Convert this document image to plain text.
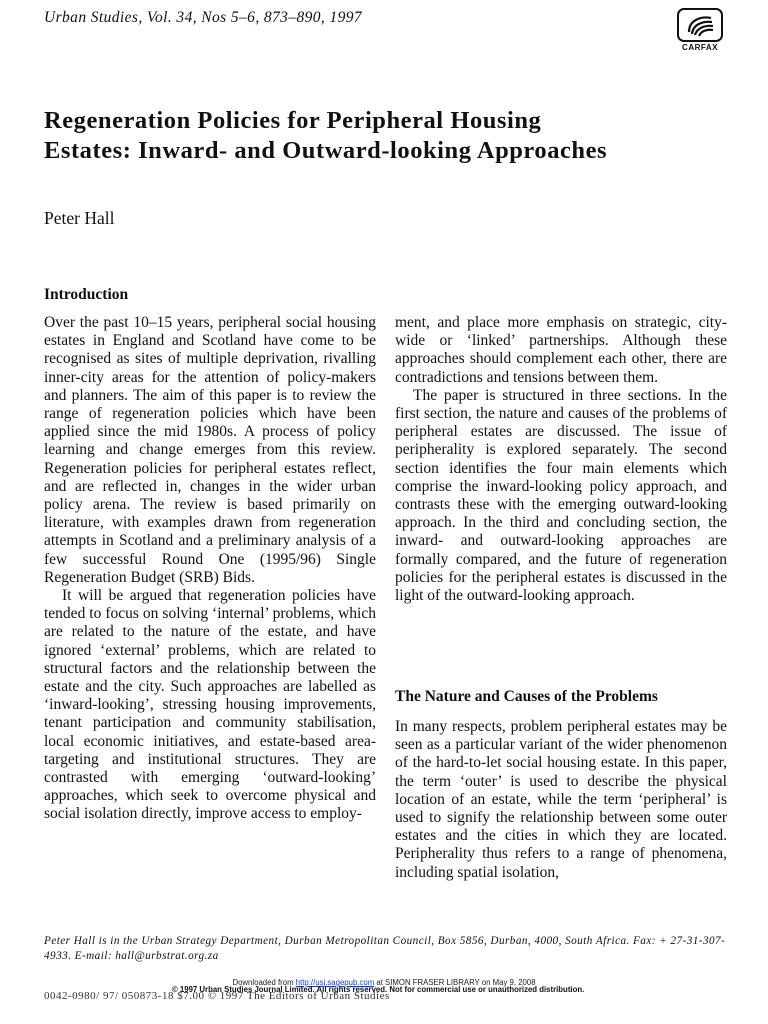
Urban Studies, Vol. 34, Nos 5–6, 873–890, 1997
CARFAX
Regeneration Policies for Peripheral Housing
Estates: Inward- and Outward-looking Approaches
Peter Hall
Introduction

Over the past 10–15 years, peripheral social housing estates in England and Scotland have come to be recognised as sites of multiple deprivation, rivalling inner-city areas for the attention of policy-makers and planners. The aim of this paper is to review the range of regeneration policies which have been applied since the mid 1980s. A process of policy learning and change emerges from this review. Regeneration policies for peripheral estates reflect, and are reflected in, changes in the wider urban policy arena. The review is based primarily on literature, with examples drawn from regeneration attempts in Scotland and a preliminary analysis of a few successful Round One (1995/96) Single Regeneration Budget (SRB) Bids.

It will be argued that regeneration policies have tended to focus on solving ‘internal’ problems, which are related to the nature of the estate, and have ignored ‘external’ problems, which are related to structural factors and the relationship between the estate and the city. Such approaches are labelled as ‘inward-looking’, stressing housing improvements, tenant participation and community stabilisation, local economic initiatives, and estate-based area-targeting and institutional structures. They are contrasted with emerging ‘outward-looking’ approaches, which seek to overcome physical and social isolation directly, improve access to employ-

ment, and place more emphasis on strategic, city-wide or ‘linked’ partnerships. Although these approaches should complement each other, there are contradictions and tensions between them.

The paper is structured in three sections. In the first section, the nature and causes of the problems of peripheral estates are discussed. The issue of peripherality is explored separately. The second section identifies the four main elements which comprise the inward-looking policy approach, and contrasts these with the emerging outward-looking approach. In the third and concluding section, the inward- and outward-looking approaches are formally compared, and the future of regeneration policies for the peripheral estates is discussed in the light of the outward-looking approach.

The Nature and Causes of the Problems

In many respects, problem peripheral estates may be seen as a particular variant of the wider phenomenon of the hard-to-let social housing estate. In this paper, the term ‘outer’ is used to describe the physical location of an estate, while the term ‘peripheral’ is used to signify the relationship between some outer estates and the cities in which they are located. Peripherality thus refers to a range of phenomena, including spatial isolation,

Peter Hall is in the Urban Strategy Department, Durban Metropolitan Council, Box 5856, Durban, 4000, South Africa. Fax: + 27-31-307-4933. E-mail: hall@urbstrat.org.za
Downloaded from http://usj.sagepub.com at SIMON FRASER LIBRARY on May 9, 2008
0042-0980/ 97/ 050873-18 $7.00 © 1997 The Editors of Urban Studies
© 1997 Urban Studies Journal Limited. All rights reserved. Not for commercial use or unauthorized distribution.
